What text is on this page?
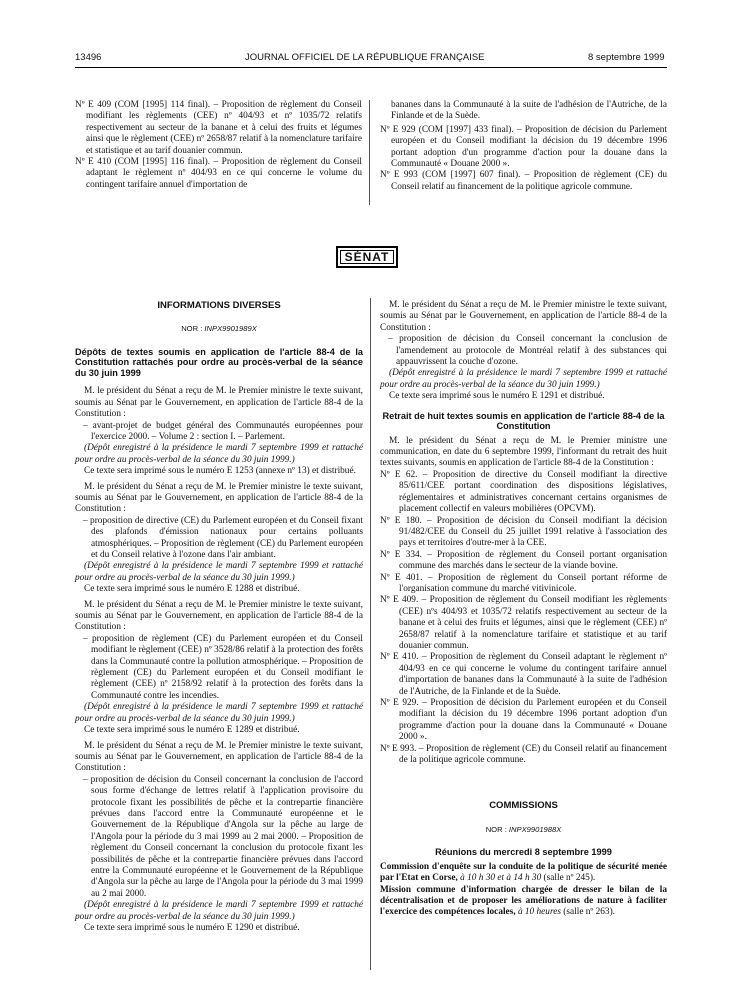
13496	JOURNAL OFFICIEL DE LA RÉPUBLIQUE FRANÇAISE	8 septembre 1999

Nº E 409 (COM [1995] 114 final). – Proposition de règlement du Conseil modifiant les règlements (CEE) nº 404/93 et nº 1035/72 relatifs respectivement au secteur de la banane et à celui des fruits et légumes ainsi que le règlement (CEE) nº 2658/87 relatif à la nomenclature tarifaire et statistique et au tarif douanier commun.

Nº E 410 (COM [1995] 116 final). – Proposition de règlement du Conseil adaptant le règlement nº 404/93 en ce qui concerne le volume du contingent tarifaire annuel d'importation de

bananes dans la Communauté à la suite de l'adhésion de l'Autriche, de la Finlande et de la Suède.

Nº E 929 (COM [1997] 433 final). – Proposition de décision du Parlement européen et du Conseil modifiant la décision du 19 décembre 1996 portant adoption d'un programme d'action pour la douane dans la Communauté « Douane 2000 ».

Nº E 993 (COM [1997] 607 final). – Proposition de règlement (CE) du Conseil relatif au financement de la politique agricole commune.

SÉNAT

INFORMATIONS DIVERSES

NOR : INPX9901989X

Dépôts de textes soumis en application de l'article 88-4 de la Constitution rattachés pour ordre au procès-verbal de la séance du 30 juin 1999

M. le président du Sénat a reçu de M. le Premier ministre le texte suivant, soumis au Sénat par le Gouvernement, en application de l'article 88-4 de la Constitution :

– avant-projet de budget général des Communautés européennes pour l'exercice 2000. – Volume 2 : section I. – Parlement.

(Dépôt enregistré à la présidence le mardi 7 septembre 1999 et rattaché pour ordre au procès-verbal de la séance du 30 juin 1999.)

Ce texte sera imprimé sous le numéro E 1253 (annexe nº 13) et distribué.

M. le président du Sénat a reçu de M. le Premier ministre le texte suivant, soumis au Sénat par le Gouvernement, en application de l'article 88-4 de la Constitution :

– proposition de directive (CE) du Parlement européen et du Conseil fixant des plafonds d'émission nationaux pour certains polluants atmosphériques. – Proposition de règlement (CE) du Parlement européen et du Conseil relative à l'ozone dans l'air ambiant.

(Dépôt enregistré à la présidence le mardi 7 septembre 1999 et rattaché pour ordre au procès-verbal de la séance du 30 juin 1999.)

Ce texte sera imprimé sous le numéro E 1288 et distribué.

M. le président du Sénat a reçu de M. le Premier ministre le texte suivant, soumis au Sénat par le Gouvernement, en application de l'article 88-4 de la Constitution :

– proposition de règlement (CE) du Parlement européen et du Conseil modifiant le règlement (CEE) nº 3528/86 relatif à la protection des forêts dans la Communauté contre la pollution atmosphérique. – Proposition de règlement (CE) du Parlement européen et du Conseil modifiant le règlement (CEE) nº 2158/92 relatif à la protection des forêts dans la Communauté contre les incendies.

(Dépôt enregistré à la présidence le mardi 7 septembre 1999 et rattaché pour ordre au procès-verbal de la séance du 30 juin 1999.)

Ce texte sera imprimé sous le numéro E 1289 et distribué.

M. le président du Sénat a reçu de M. le Premier ministre le texte suivant, soumis au Sénat par le Gouvernement, en application de l'article 88-4 de la Constitution :

– proposition de décision du Conseil concernant la conclusion de l'accord sous forme d'échange de lettres relatif à l'application provisoire du protocole fixant les possibilités de pêche et la contrepartie financière prévues dans l'accord entre la Communauté européenne et le Gouvernement de la République d'Angola sur la pêche au large de l'Angola pour la période du 3 mai 1999 au 2 mai 2000. – Proposition de règlement du Conseil concernant la conclusion du protocole fixant les possibilités de pêche et la contrepartie financière prévues dans l'accord entre la Communauté européenne et le Gouvernement de la République d'Angola sur la pêche au large de l'Angola pour la période du 3 mai 1999 au 2 mai 2000.

(Dépôt enregistré à la présidence le mardi 7 septembre 1999 et rattaché pour ordre au procès-verbal de la séance du 30 juin 1999.)

Ce texte sera imprimé sous le numéro E 1290 et distribué.

M. le président du Sénat a reçu de M. le Premier ministre le texte suivant, soumis au Sénat par le Gouvernement, en application de l'article 88-4 de la Constitution :

– proposition de décision du Conseil concernant la conclusion de l'amendement au protocole de Montréal relatif à des substances qui appauvrissent la couche d'ozone.

(Dépôt enregistré à la présidence le mardi 7 septembre 1999 et rattaché pour ordre au procès-verbal de la séance du 30 juin 1999.)

Ce texte sera imprimé sous le numéro E 1291 et distribué.

Retrait de huit textes soumis en application de l'article 88-4 de la Constitution

M. le président du Sénat a reçu de M. le Premier ministre une communication, en date du 6 septembre 1999, l'informant du retrait des huit textes suivants, soumis en application de l'article 88-4 de la Constitution :

Nº E 62. – Proposition de directive du Conseil modifiant la directive 85/611/CEE portant coordination des dispositions législatives, réglementaires et administratives concernant certains organismes de placement collectif en valeurs mobilières (OPCVM).

Nº E 180. – Proposition de décision du Conseil modifiant la décision 91/482/CEE du Conseil du 25 juillet 1991 relative à l'association des pays et territoires d'outre-mer à la CEE.

Nº E 334. – Proposition de règlement du Conseil portant organisation commune des marchés dans le secteur de la viande bovine.

Nº E 401. – Proposition de règlement du Conseil portant réforme de l'organisation commune du marché vitivinicole.

Nº E 409. – Proposition de règlement du Conseil modifiant les règlements (CEE) nºs 404/93 et 1035/72 relatifs respectivement au secteur de la banane et à celui des fruits et légumes, ainsi que le règlement (CEE) nº 2658/87 relatif à la nomenclature tarifaire et statistique et au tarif douanier commun.

Nº E 410. – Proposition de règlement du Conseil adaptant le règlement nº 404/93 en ce qui concerne le volume du contingent tarifaire annuel d'importation de bananes dans la Communauté à la suite de l'adhésion de l'Autriche, de la Finlande et de la Suède.

Nº E 929. – Proposition de décision du Parlement européen et du Conseil modifiant la décision du 19 décembre 1996 portant adoption d'un programme d'action pour la douane dans la Communauté « Douane 2000 ».

Nº E 993. – Proposition de règlement (CE) du Conseil relatif au financement de la politique agricole commune.

COMMISSIONS

NOR : INPX9901988X

Réunions du mercredi 8 septembre 1999

Commission d'enquête sur la conduite de la politique de sécurité menée par l'Etat en Corse, à 10 h 30 et à 14 h 30 (salle nº 245).

Mission commune d'information chargée de dresser le bilan de la décentralisation et de proposer les améliorations de nature à faciliter l'exercice des compétences locales, à 10 heures (salle nº 263).
